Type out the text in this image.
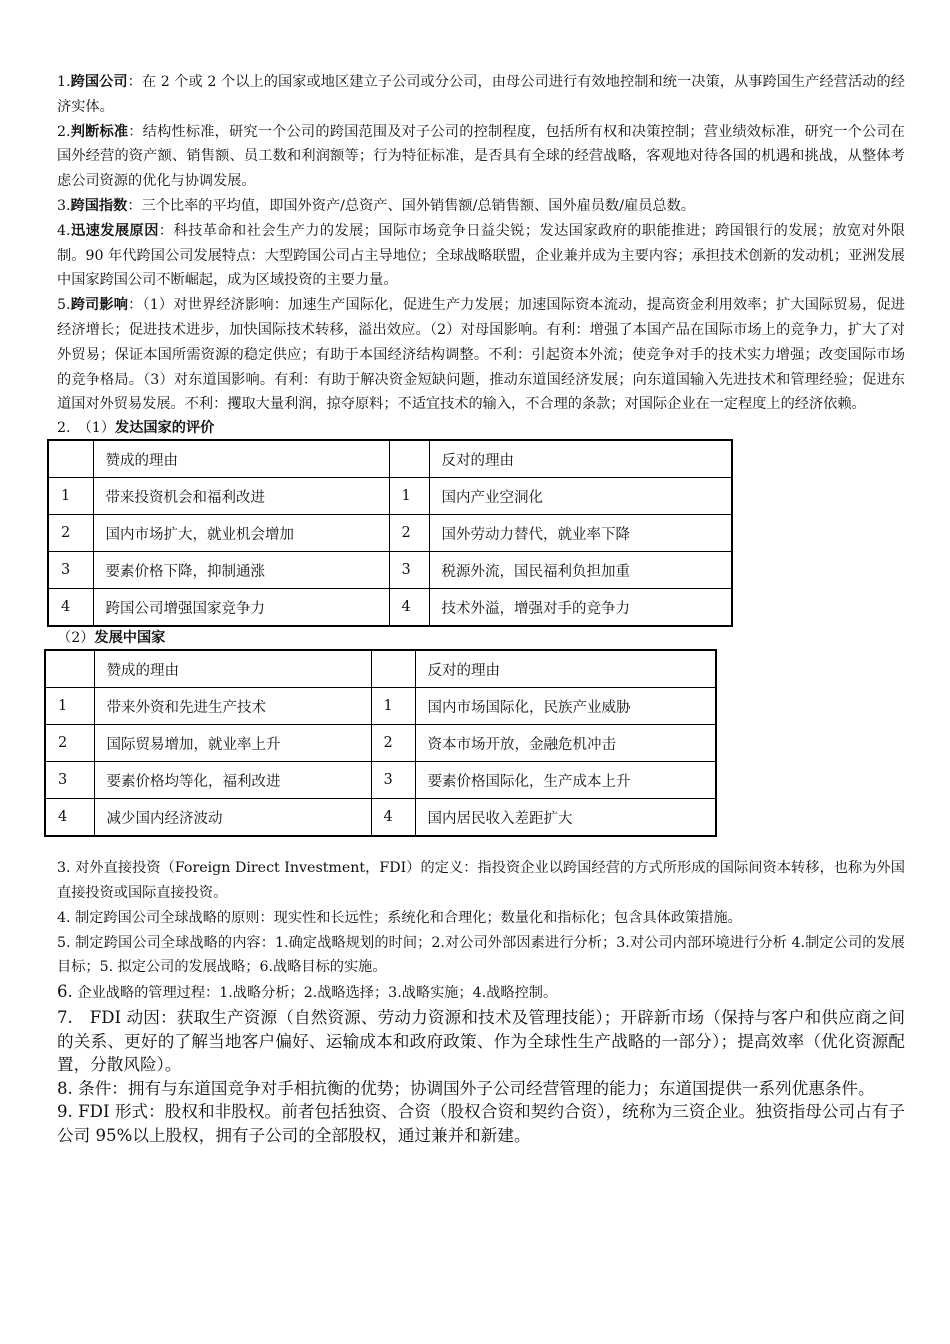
1.跨国公司：在 2 个或 2 个以上的国家或地区建立子公司或分公司，由母公司进行有效地控制和统一决策，从事跨国生产经营活动的经济实体。

2.判断标准：结构性标准，研究一个公司的跨国范围及对子公司的控制程度，包括所有权和决策控制；营业绩效标准，研究一个公司在国外经营的资产额、销售额、员工数和利润额等；行为特征标准，是否具有全球的经营战略，客观地对待各国的机遇和挑战，从整体考虑公司资源的优化与协调发展。

3.跨国指数：三个比率的平均值，即国外资产/总资产、国外销售额/总销售额、国外雇员数/雇员总数。

4.迅速发展原因：科技革命和社会生产力的发展；国际市场竞争日益尖锐；发达国家政府的职能推进；跨国银行的发展；放宽对外限制。90 年代跨国公司发展特点：大型跨国公司占主导地位；全球战略联盟，企业兼并成为主要内容；承担技术创新的发动机；亚洲发展中国家跨国公司不断崛起，成为区域投资的主要力量。

5.跨司影响：（1）对世界经济影响：加速生产国际化，促进生产力发展；加速国际资本流动，提高资金利用效率；扩大国际贸易，促进经济增长；促进技术进步，加快国际技术转移，溢出效应。（2）对母国影响。有利：增强了本国产品在国际市场上的竞争力，扩大了对外贸易；保证本国所需资源的稳定供应；有助于本国经济结构调整。不利：引起资本外流；使竞争对手的技术实力增强；改变国际市场的竞争格局。（3）对东道国影响。有利：有助于解决资金短缺问题，推动东道国经济发展；向东道国输入先进技术和管理经验；促进东道国对外贸易发展。不利：攫取大量利润，掠夺原料；不适宜技术的输入，不合理的条款；对国际企业在一定程度上的经济依赖。

2.　（1）发达国家的评价

	赞成的理由		反对的理由
1	带来投资机会和福利改进	1	国内产业空洞化
2	国内市场扩大，就业机会增加	2	国外劳动力替代，就业率下降
3	要素价格下降，抑制通涨	3	税源外流，国民福利负担加重
4	跨国公司增强国家竞争力	4	技术外溢，增强对手的竞争力

（2）发展中国家

	赞成的理由		反对的理由
1	带来外资和先进生产技术	1	国内市场国际化，民族产业威胁
2	国际贸易增加，就业率上升	2	资本市场开放，金融危机冲击
3	要素价格均等化，福利改进	3	要素价格国际化，生产成本上升
4	减少国内经济波动	4	国内居民收入差距扩大

3. 对外直接投资（Foreign Direct Investment，FDI）的定义：指投资企业以跨国经营的方式所形成的国际间资本转移，也称为外国直接投资或国际直接投资。

4. 制定跨国公司全球战略的原则：现实性和长远性；系统化和合理化；数量化和指标化；包含具体政策措施。

5. 制定跨国公司全球战略的内容：1.确定战略规划的时间；2.对公司外部因素进行分析；3.对公司内部环境进行分析 4.制定公司的发展目标；5. 拟定公司的发展战略；6.战略目标的实施。

6. 企业战略的管理过程：1.战略分析；2.战略选择；3.战略实施；4.战略控制。

7.　FDI 动因：获取生产资源（自然资源、劳动力资源和技术及管理技能）；开辟新市场（保持与客户和供应商之间的关系、更好的了解当地客户偏好、运输成本和政府政策、作为全球性生产战略的一部分）；提高效率（优化资源配置，分散风险）。

8. 条件：拥有与东道国竞争对手相抗衡的优势；协调国外子公司经营管理的能力；东道国提供一系列优惠条件。

9. FDI 形式：股权和非股权。前者包括独资、合资（股权合资和契约合资），统称为三资企业。独资指母公司占有子公司 95%以上股权，拥有子公司的全部股权，通过兼并和新建。
